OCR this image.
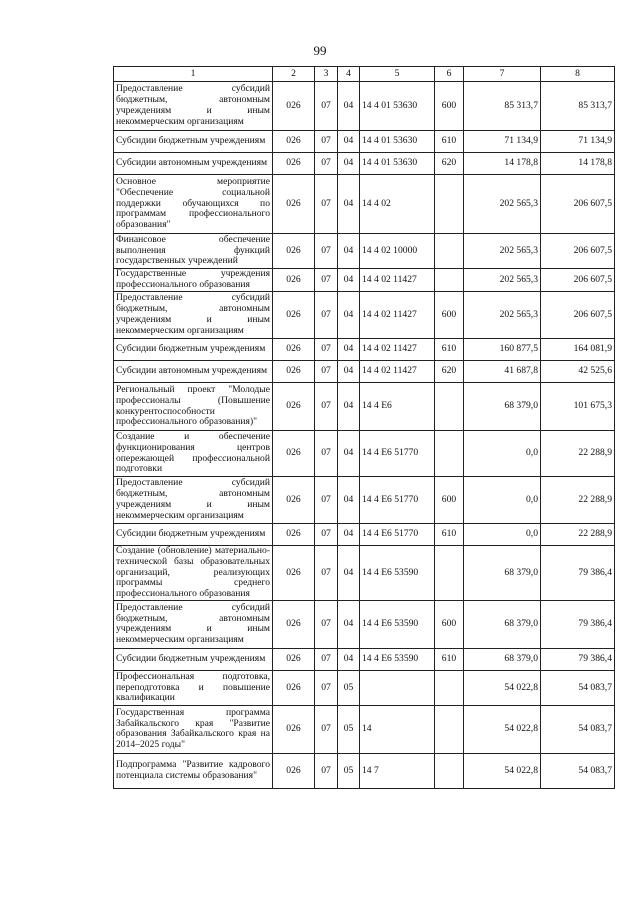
99
1	2	3	4	5	6	7	8
Предоставление субсидий бюджетным, автономным учреждениям и иным некоммерческим организациям	026	07	04	14 4 01 53630	600	85 313,7	85 313,7
Субсидии бюджетным учреждениям	026	07	04	14 4 01 53630	610	71 134,9	71 134,9
Субсидии автономным учреждениям	026	07	04	14 4 01 53630	620	14 178,8	14 178,8
Основное мероприятие "Обеспечение социальной поддержки обучающихся по программам профессионального образования"	026	07	04	14 4 02		202 565,3	206 607,5
Финансовое обеспечение выполнения функций государственных учреждений	026	07	04	14 4 02 10000		202 565,3	206 607,5
Государственные учреждения профессионального образования	026	07	04	14 4 02 11427		202 565,3	206 607,5
Предоставление субсидий бюджетным, автономным учреждениям и иным некоммерческим организациям	026	07	04	14 4 02 11427	600	202 565,3	206 607,5
Субсидии бюджетным учреждениям	026	07	04	14 4 02 11427	610	160 877,5	164 081,9
Субсидии автономным учреждениям	026	07	04	14 4 02 11427	620	41 687,8	42 525,6
Региональный проект "Молодые профессионалы (Повышение конкурентоспособности профессионального образования)"	026	07	04	14 4 E6		68 379,0	101 675,3
Создание и обеспечение функционирования центров опережающей профессиональной подготовки	026	07	04	14 4 E6 51770		0,0	22 288,9
Предоставление субсидий бюджетным, автономным учреждениям и иным некоммерческим организациям	026	07	04	14 4 E6 51770	600	0,0	22 288,9
Субсидии бюджетным учреждениям	026	07	04	14 4 E6 51770	610	0,0	22 288,9
Создание (обновление) материально-технической базы образовательных организаций, реализующих программы среднего профессионального образования	026	07	04	14 4 E6 53590		68 379,0	79 386,4
Предоставление субсидий бюджетным, автономным учреждениям и иным некоммерческим организациям	026	07	04	14 4 E6 53590	600	68 379,0	79 386,4
Субсидии бюджетным учреждениям	026	07	04	14 4 E6 53590	610	68 379,0	79 386,4
Профессиональная подготовка, переподготовка и повышение квалификации	026	07	05			54 022,8	54 083,7
Государственная программа Забайкальского края "Развитие образования Забайкальского края на 2014–2025 годы"	026	07	05	14		54 022,8	54 083,7
Подпрограмма "Развитие кадрового потенциала системы образования"	026	07	05	14 7		54 022,8	54 083,7
